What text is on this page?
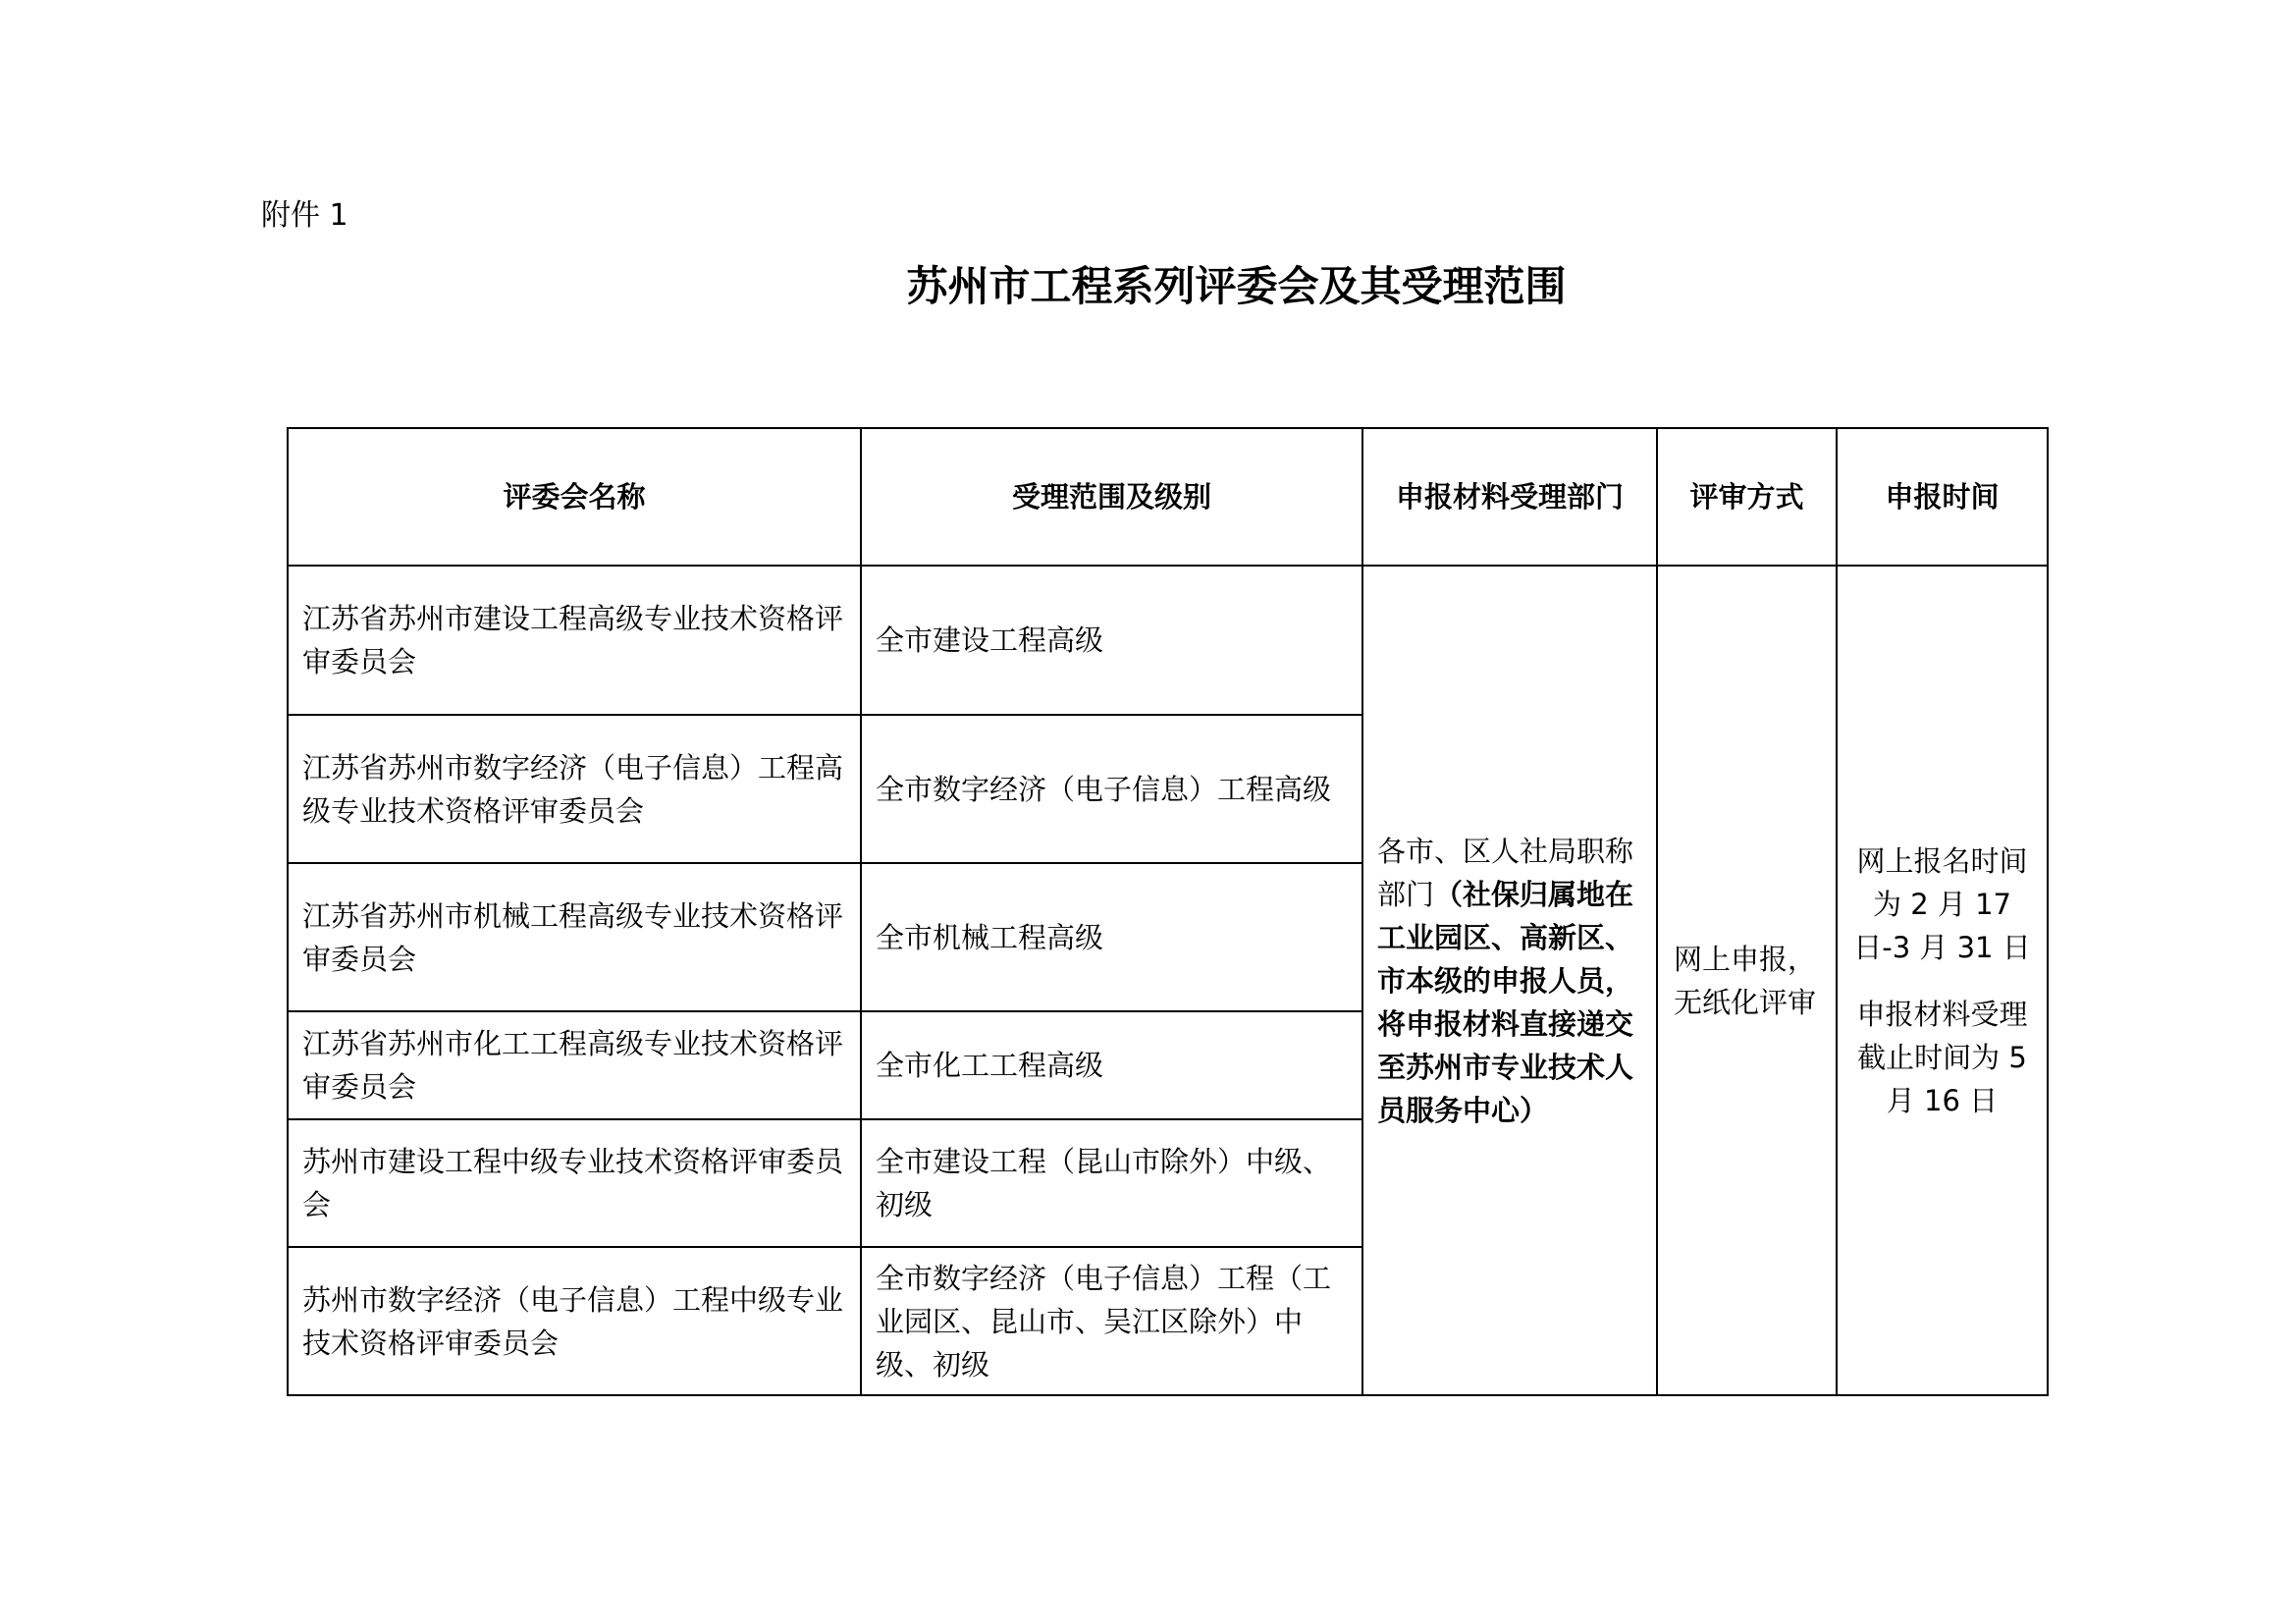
附件 1
苏州市工程系列评委会及其受理范围
评委会名称	受理范围及级别	申报材料受理部门	评审方式	申报时间
江苏省苏州市建设工程高级专业技术资格评审委员会	全市建设工程高级	各市、区人社局职称部门（社保归属地在工业园区、高新区、市本级的申报人员，将申报材料直接递交至苏州市专业技术人员服务中心）	网上申报，无纸化评审	网上报名时间为 2 月 17 日-3 月 31 日
申报材料受理截止时间为 5 月 16 日

江苏省苏州市数字经济（电子信息）工程高级专业技术资格评审委员会	全市数字经济（电子信息）工程高级			
江苏省苏州市机械工程高级专业技术资格评审委员会	全市机械工程高级			
江苏省苏州市化工工程高级专业技术资格评审委员会	全市化工工程高级			
苏州市建设工程中级专业技术资格评审委员会	全市建设工程（昆山市除外）中级、初级			
苏州市数字经济（电子信息）工程中级专业技术资格评审委员会	全市数字经济（电子信息）工程（工业园区、昆山市、吴江区除外）中级、初级			
